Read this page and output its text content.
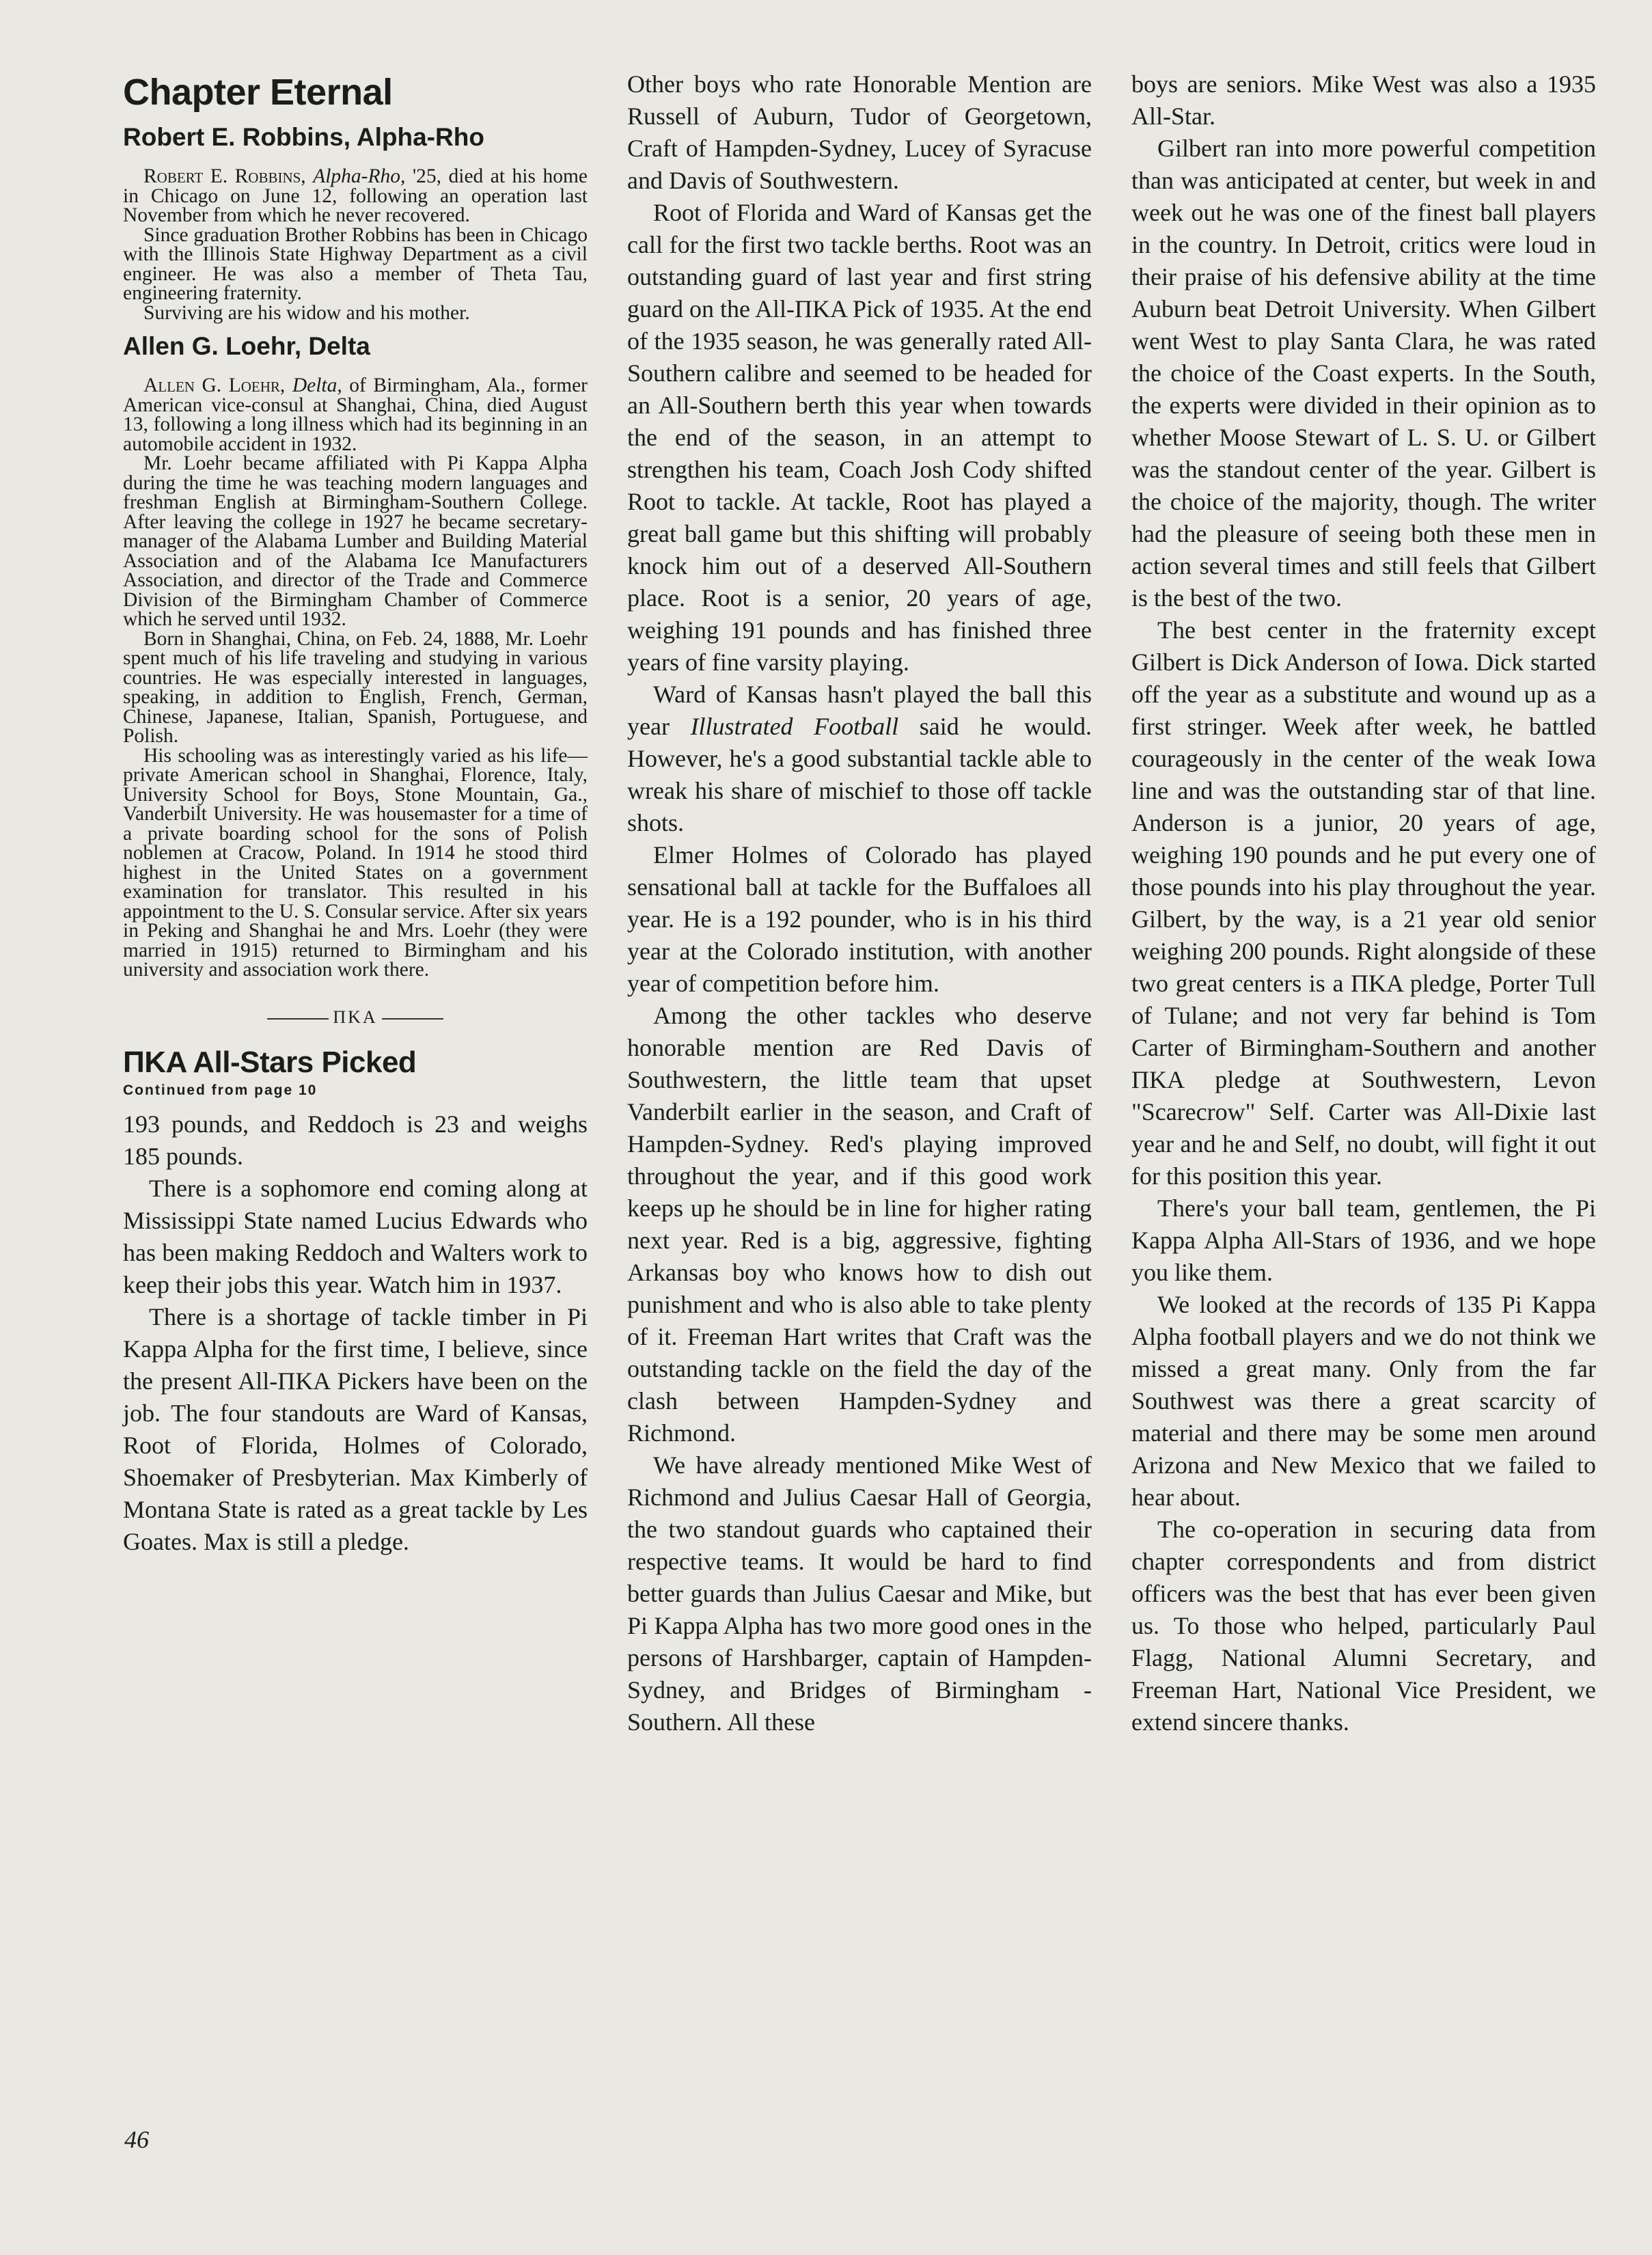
Chapter Eternal
Robert E. Robbins, Alpha-Rho

Robert E. Robbins, Alpha-Rho, '25, died at his home in Chicago on June 12, following an operation last November from which he never recovered.

Since graduation Brother Robbins has been in Chicago with the Illinois State Highway Department as a civil engineer. He was also a member of Theta Tau, engineering fraternity.

Surviving are his widow and his mother.

Allen G. Loehr, Delta

Allen G. Loehr, Delta, of Birmingham, Ala., former American vice-consul at Shanghai, China, died August 13, following a long illness which had its beginning in an automobile accident in 1932.

Mr. Loehr became affiliated with Pi Kappa Alpha during the time he was teaching modern languages and freshman English at Birmingham-Southern College. After leaving the college in 1927 he became secretary-manager of the Alabama Lumber and Building Material Association and of the Alabama Ice Manufacturers Association, and director of the Trade and Commerce Division of the Birmingham Chamber of Commerce which he served until 1932.

Born in Shanghai, China, on Feb. 24, 1888, Mr. Loehr spent much of his life traveling and studying in various countries. He was especially interested in languages, speaking, in addition to English, French, German, Chinese, Japanese, Italian, Spanish, Portuguese, and Polish.

His schooling was as interestingly varied as his life—private American school in Shanghai, Florence, Italy, University School for Boys, Stone Mountain, Ga., Vanderbilt University. He was housemaster for a time of a private boarding school for the sons of Polish noblemen at Cracow, Poland. In 1914 he stood third highest in the United States on a government examination for translator. This resulted in his appointment to the U. S. Consular service. After six years in Peking and Shanghai he and Mrs. Loehr (they were married in 1915) returned to Birmingham and his university and association work there.

ΠΚΑ
ΠKA All-Stars Picked
Continued from page 10

193 pounds, and Reddoch is 23 and weighs 185 pounds.

There is a sophomore end coming along at Mississippi State named Lucius Edwards who has been making Reddoch and Walters work to keep their jobs this year. Watch him in 1937.

There is a shortage of tackle timber in Pi Kappa Alpha for the first time, I believe, since the present All-ΠKA Pickers have been on the job. The four standouts are Ward of Kansas, Root of Florida, Holmes of Colorado, Shoemaker of Presbyterian. Max Kimberly of Montana State is rated as a great tackle by Les Goates. Max is still a pledge.

Other boys who rate Honorable Mention are Russell of Auburn, Tudor of Georgetown, Craft of Hampden-Sydney, Lucey of Syracuse and Davis of Southwestern.

Root of Florida and Ward of Kansas get the call for the first two tackle berths. Root was an outstanding guard of last year and first string guard on the All-ΠKA Pick of 1935. At the end of the 1935 season, he was generally rated All-Southern calibre and seemed to be headed for an All-Southern berth this year when towards the end of the season, in an attempt to strengthen his team, Coach Josh Cody shifted Root to tackle. At tackle, Root has played a great ball game but this shifting will probably knock him out of a deserved All-Southern place. Root is a senior, 20 years of age, weighing 191 pounds and has finished three years of fine varsity playing.

Ward of Kansas hasn't played the ball this year Illustrated Football said he would. However, he's a good substantial tackle able to wreak his share of mischief to those off tackle shots.

Elmer Holmes of Colorado has played sensational ball at tackle for the Buffaloes all year. He is a 192 pounder, who is in his third year at the Colorado institution, with another year of competition before him.

Among the other tackles who deserve honorable mention are Red Davis of Southwestern, the little team that upset Vanderbilt earlier in the season, and Craft of Hampden-Sydney. Red's playing improved throughout the year, and if this good work keeps up he should be in line for higher rating next year. Red is a big, aggressive, fighting Arkansas boy who knows how to dish out punishment and who is also able to take plenty of it. Freeman Hart writes that Craft was the outstanding tackle on the field the day of the clash between Hampden-Sydney and Richmond.

We have already mentioned Mike West of Richmond and Julius Caesar Hall of Georgia, the two standout guards who captained their respective teams. It would be hard to find better guards than Julius Caesar and Mike, but Pi Kappa Alpha has two more good ones in the persons of Harshbarger, captain of Hampden-Sydney, and Bridges of Birmingham - Southern. All these

boys are seniors. Mike West was also a 1935 All-Star.

Gilbert ran into more powerful competition than was anticipated at center, but week in and week out he was one of the finest ball players in the country. In Detroit, critics were loud in their praise of his defensive ability at the time Auburn beat Detroit University. When Gilbert went West to play Santa Clara, he was rated the choice of the Coast experts. In the South, the experts were divided in their opinion as to whether Moose Stewart of L. S. U. or Gilbert was the standout center of the year. Gilbert is the choice of the majority, though. The writer had the pleasure of seeing both these men in action several times and still feels that Gilbert is the best of the two.

The best center in the fraternity except Gilbert is Dick Anderson of Iowa. Dick started off the year as a substitute and wound up as a first stringer. Week after week, he battled courageously in the center of the weak Iowa line and was the outstanding star of that line. Anderson is a junior, 20 years of age, weighing 190 pounds and he put every one of those pounds into his play throughout the year. Gilbert, by the way, is a 21 year old senior weighing 200 pounds. Right alongside of these two great centers is a ΠKA pledge, Porter Tull of Tulane; and not very far behind is Tom Carter of Birmingham-Southern and another ΠKA pledge at Southwestern, Levon "Scarecrow" Self. Carter was All-Dixie last year and he and Self, no doubt, will fight it out for this position this year.

There's your ball team, gentlemen, the Pi Kappa Alpha All-Stars of 1936, and we hope you like them.

We looked at the records of 135 Pi Kappa Alpha football players and we do not think we missed a great many. Only from the far Southwest was there a great scarcity of material and there may be some men around Arizona and New Mexico that we failed to hear about.

The co-operation in securing data from chapter correspondents and from district officers was the best that has ever been given us. To those who helped, particularly Paul Flagg, National Alumni Secretary, and Freeman Hart, National Vice President, we extend sincere thanks.

46
